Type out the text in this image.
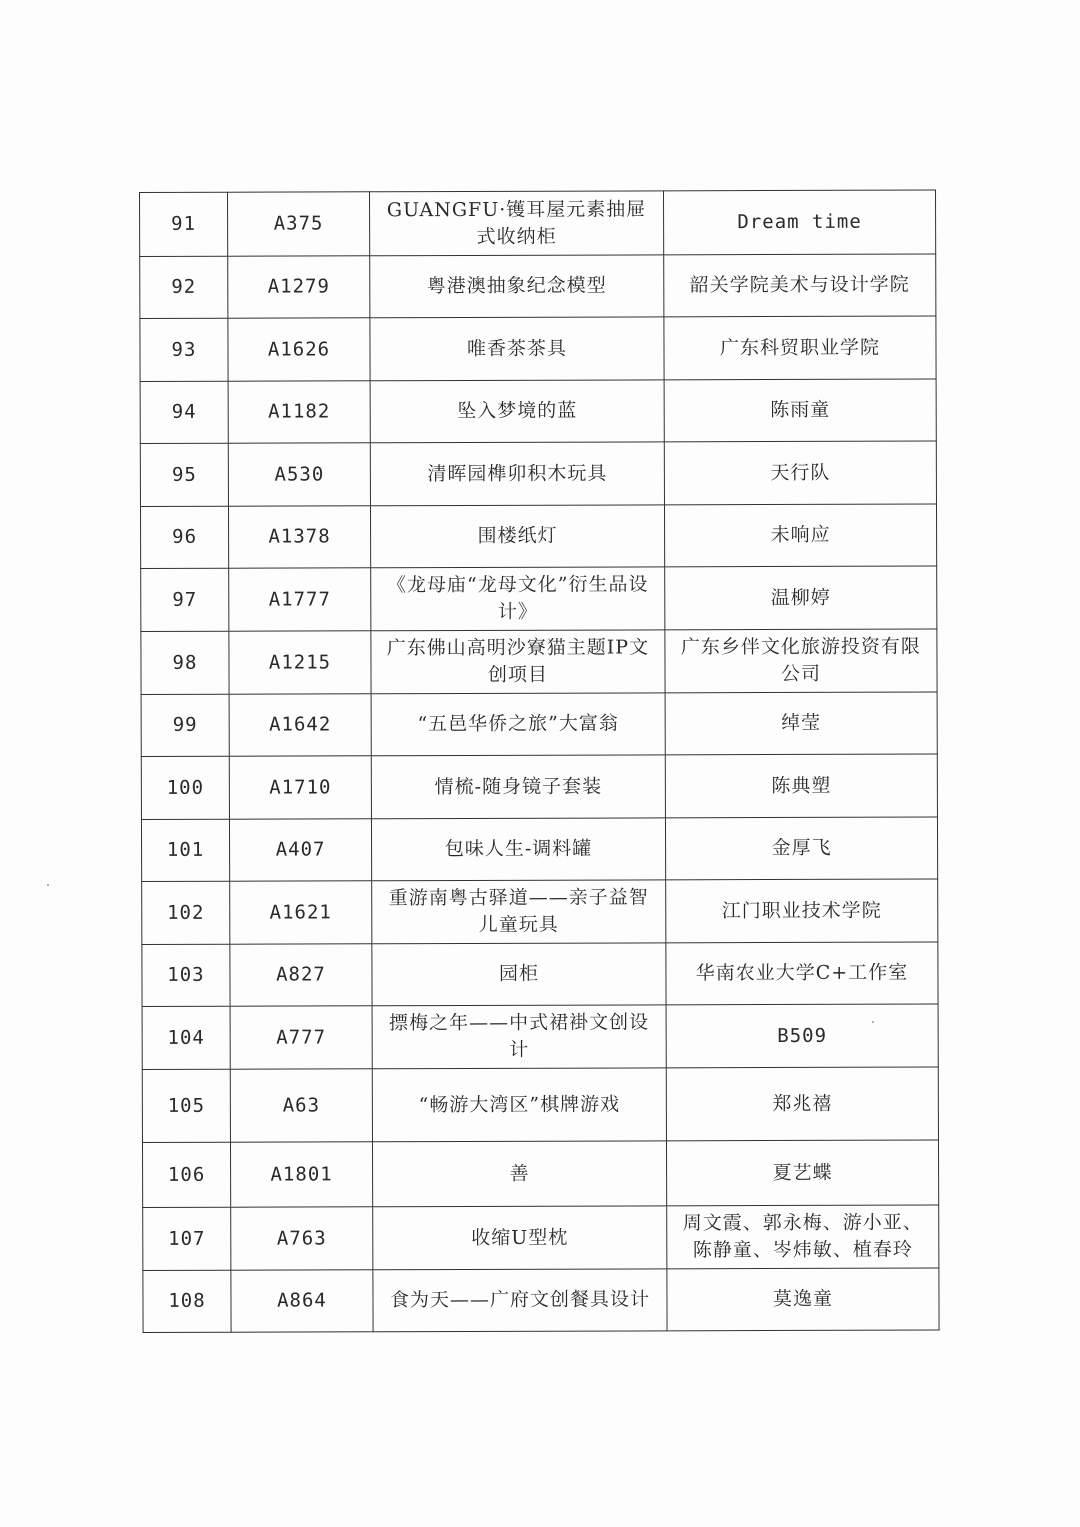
91	A375	GUANGFU·镬耳屋元素抽屉式收纳柜	Dream time
92	A1279	粤港澳抽象纪念模型	韶关学院美术与设计学院
93	A1626	唯香茶茶具	广东科贸职业学院
94	A1182	坠入梦境的蓝	陈雨童
95	A530	清晖园榫卯积木玩具	天行队
96	A1378	围楼纸灯	未响应
97	A1777	《龙母庙“龙母文化”衍生品设计》	温柳婷
98	A1215	广东佛山高明沙寮猫主题IP文创项目	广东乡伴文化旅游投资有限公司
99	A1642	“五邑华侨之旅”大富翁	绰莹
100	A1710	情梳-随身镜子套装	陈典塑
101	A407	包味人生-调料罐	金厚飞
102	A1621	重游南粤古驿道——亲子益智儿童玩具	江门职业技术学院
103	A827	园柜	华南农业大学C+工作室
104	A777	摽梅之年——中式裙褂文创设计	B509
105	A63	“畅游大湾区”棋牌游戏	郑兆禧
106	A1801	善	夏艺蝶
107	A763	收缩U型枕	周文霞、郭永梅、游小亚、陈静童、岑炜敏、植春玲
108	A864	食为天——广府文创餐具设计	莫逸童
